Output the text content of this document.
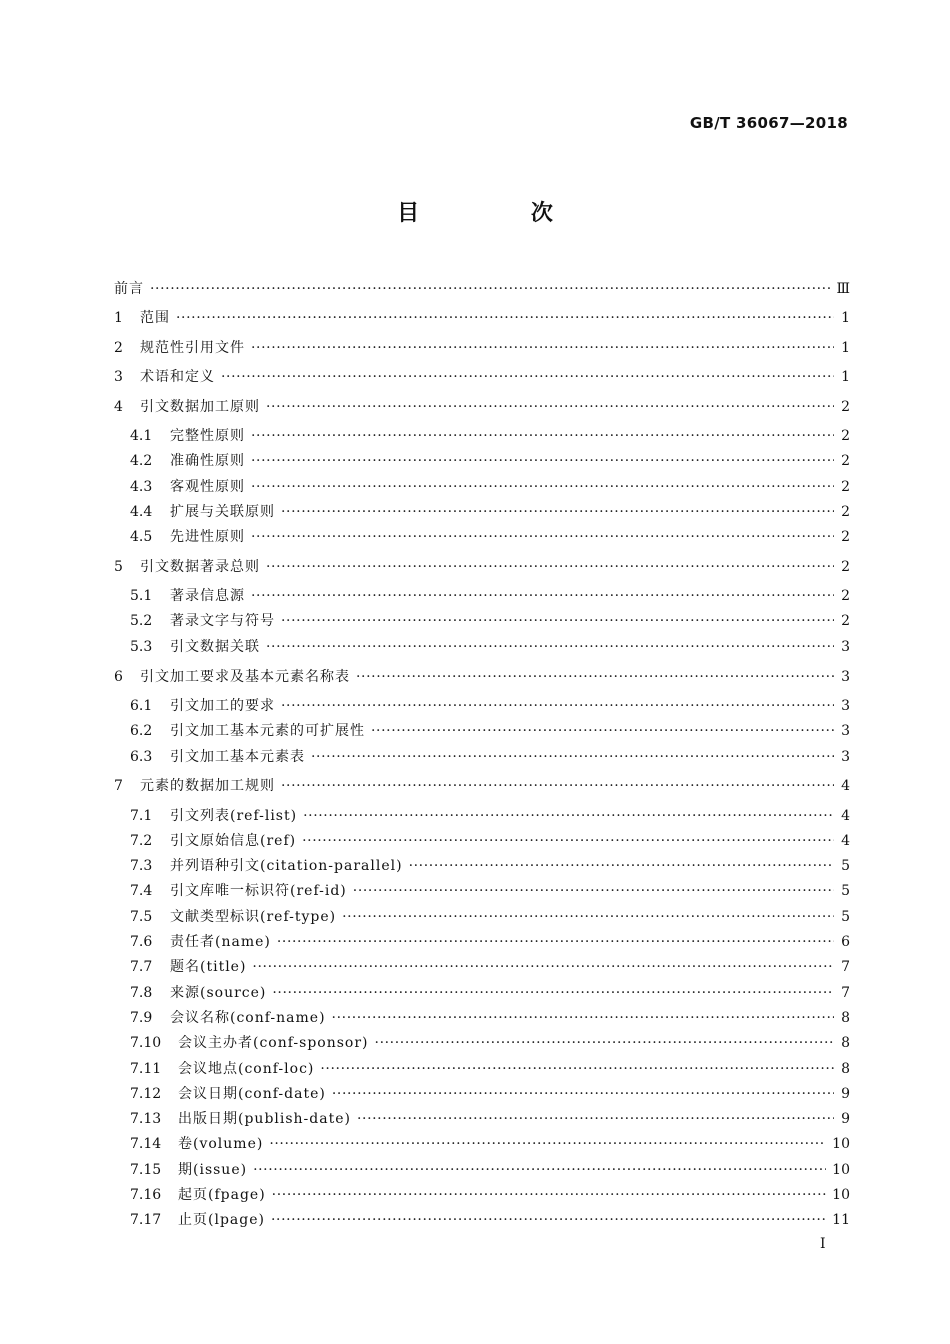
GB/T 36067—2018
目 次
前言 ·····	Ⅲ
1	范围 ·····	1
2	规范性引用文件 ·····	1
3	术语和定义 ·····	1
4	引文数据加工原则 ·····	2
4.1	完整性原则 ·····	2
4.2	准确性原则 ·····	2
4.3	客观性原则 ·····	2
4.4	扩展与关联原则 ·····	2
4.5	先进性原则 ·····	2
5	引文数据著录总则 ·····	2
5.1	著录信息源 ·····	2
5.2	著录文字与符号 ·····	2
5.3	引文数据关联 ·····	3
6	引文加工要求及基本元素名称表 ·····	3
6.1	引文加工的要求 ·····	3
6.2	引文加工基本元素的可扩展性 ·····	3
6.3	引文加工基本元素表 ·····	3
7	元素的数据加工规则 ·····	4
7.1	引文列表(ref-list) ·····	4
7.2	引文原始信息(ref) ·····	4
7.3	并列语种引文(citation-parallel) ·····	5
7.4	引文库唯一标识符(ref-id) ·····	5
7.5	文献类型标识(ref-type) ·····	5
7.6	责任者(name) ·····	6
7.7	题名(title) ·····	7
7.8	来源(source) ·····	7
7.9	会议名称(conf-name) ·····	8
7.10	会议主办者(conf-sponsor) ·····	8
7.11	会议地点(conf-loc) ·····	8
7.12	会议日期(conf-date) ·····	9
7.13	出版日期(publish-date) ·····	9
7.14	卷(volume) ·····	10
7.15	期(issue) ·····	10
7.16	起页(fpage) ·····	10
7.17	止页(lpage) ·····	11
I
